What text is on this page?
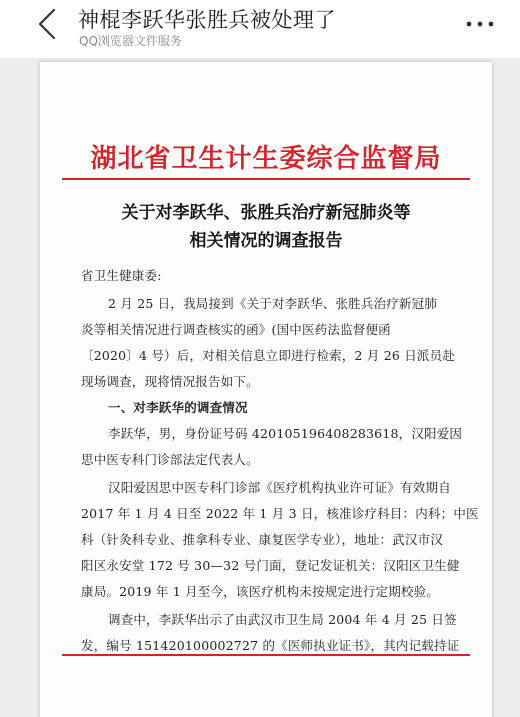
神棍李跃华张胜兵被处理了
QQ浏览器文件服务
湖北省卫生计生委综合监督局
关于对李跃华、张胜兵治疗新冠肺炎等
相关情况的调查报告
省卫生健康委:
2 月 25 日，我局接到《关于对李跃华、张胜兵治疗新冠肺
炎等相关情况进行调查核实的函》(国中医药法监督便函
〔2020〕4 号）后，对相关信息立即进行检索，2 月 26 日派员赴
现场调查，现将情况报告如下。
一、对李跃华的调查情况
李跃华，男，身份证号码 420105196408283618，汉阳爱因
思中医专科门诊部法定代表人。
汉阳爱因思中医专科门诊部《医疗机构执业许可证》有效期自
2017 年 1 月 4 日至 2022 年 1 月 3 日，核准诊疗科目：内科；中医
科（针灸科专业、推拿科专业、康复医学专业），地址：武汉市汉
阳区永安堂 172 号 30—32 号门面，登记发证机关：汉阳区卫生健
康局。2019 年 1 月至今，该医疗机构未按规定进行定期校验。
调查中，李跃华出示了由武汉市卫生局 2004 年 4 月 25 日签
发，编号 151420100002727 的《医师执业证书》，其内记载持证
